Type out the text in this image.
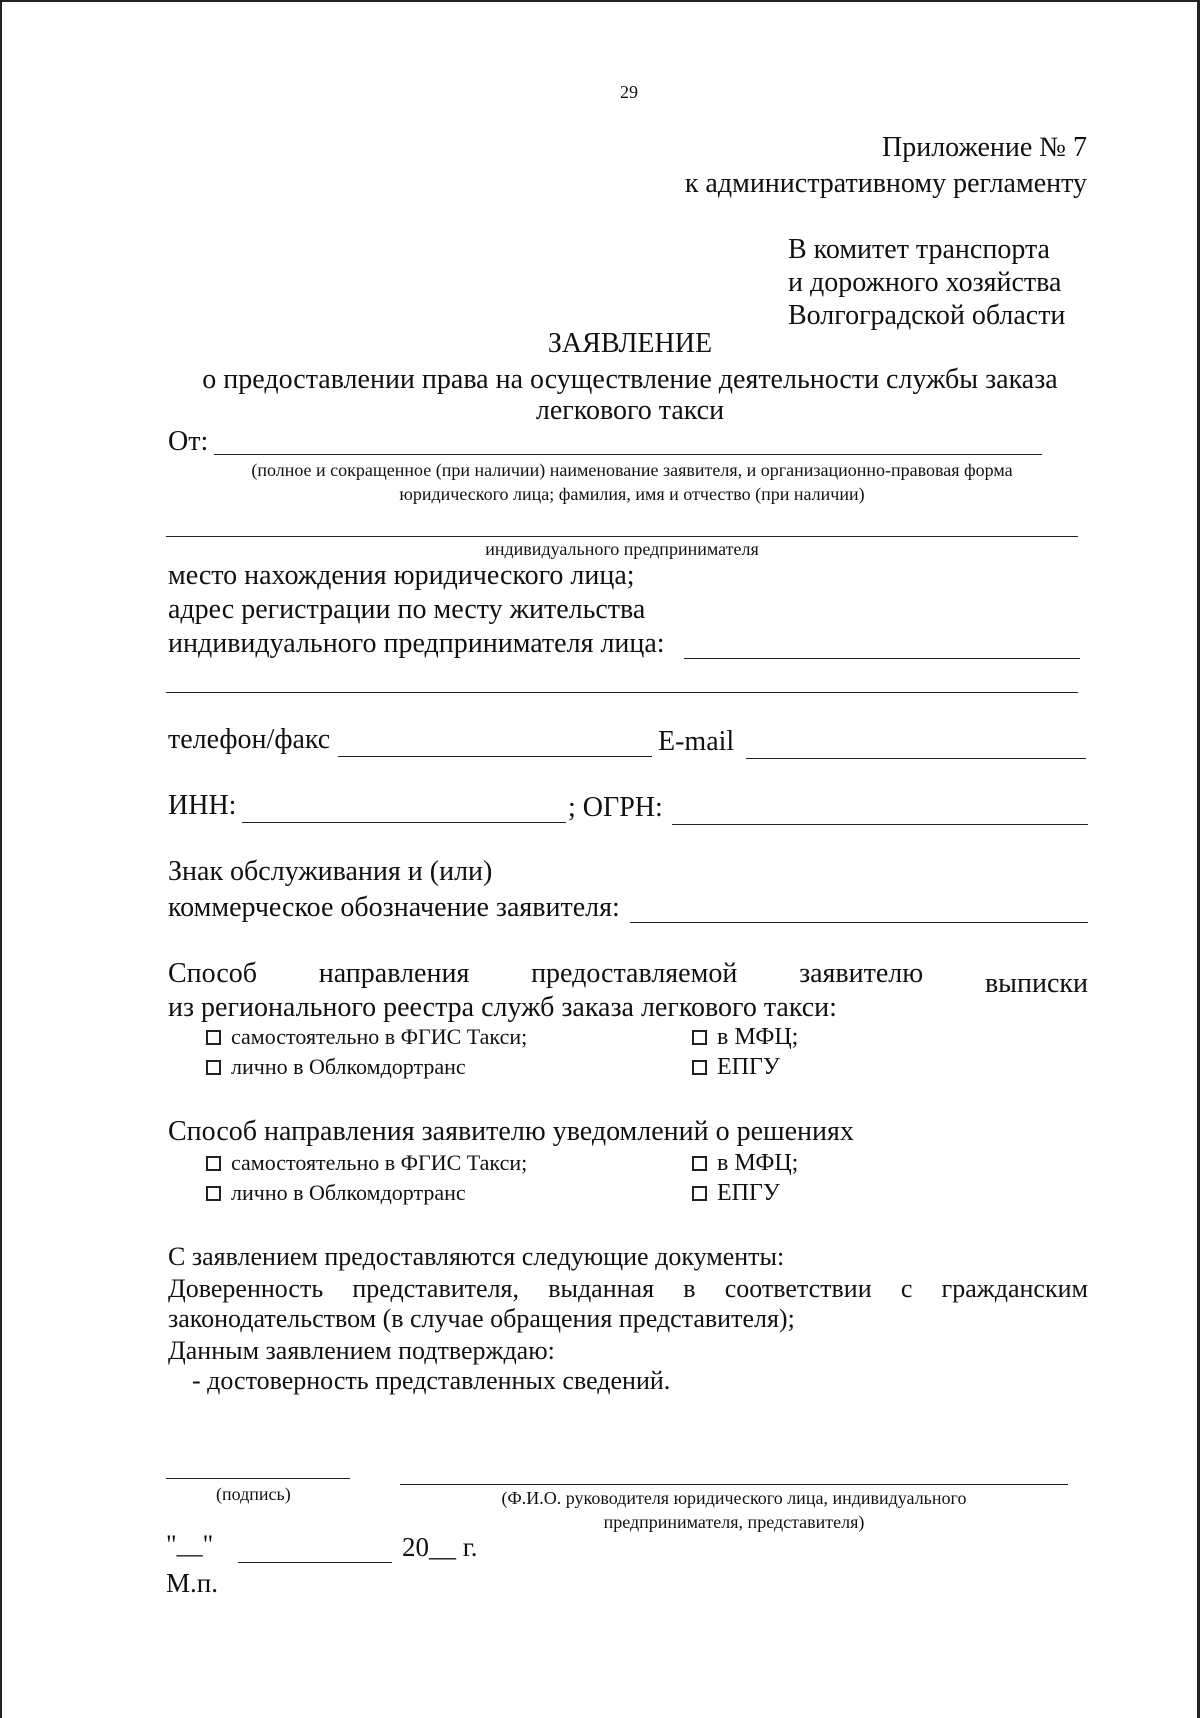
29
Приложение № 7
к административному регламенту
В комитет транспорта
и дорожного хозяйства
Волгоградской области
ЗАЯВЛЕНИЕ
о предоставлении права на осуществление деятельности службы заказа
легкового такси
От:
(полное и сокращенное (при наличии) наименование заявителя, и организационно-правовая форма
юридического лица; фамилия, имя и отчество (при наличии)
индивидуального предпринимателя
место нахождения юридического лица;
адрес регистрации по месту жительства
индивидуального предпринимателя лица:
телефон/факс	E-mail
ИНН:	; ОГРН:
Знак обслуживания и (или)
коммерческое обозначение заявителя:
Способ направления предоставляемой заявителю выписки
из регионального реестра служб заказа легкового такси:
самостоятельно в ФГИС Такси;	в МФЦ;
лично в Облкомдортранс	ЕПГУ
Способ направления заявителю уведомлений о решениях
самостоятельно в ФГИС Такси;	в МФЦ;
лично в Облкомдортранс	ЕПГУ
С заявлением предоставляются следующие документы:
Доверенность представителя, выданная в соответствии с гражданским
законодательством (в случае обращения представителя);
Данным заявлением подтверждаю:
- достоверность представленных сведений.
(подпись)	(Ф.И.О. руководителя юридического лица, индивидуального
предпринимателя, представителя)
"__"	20__ г.
М.п.
